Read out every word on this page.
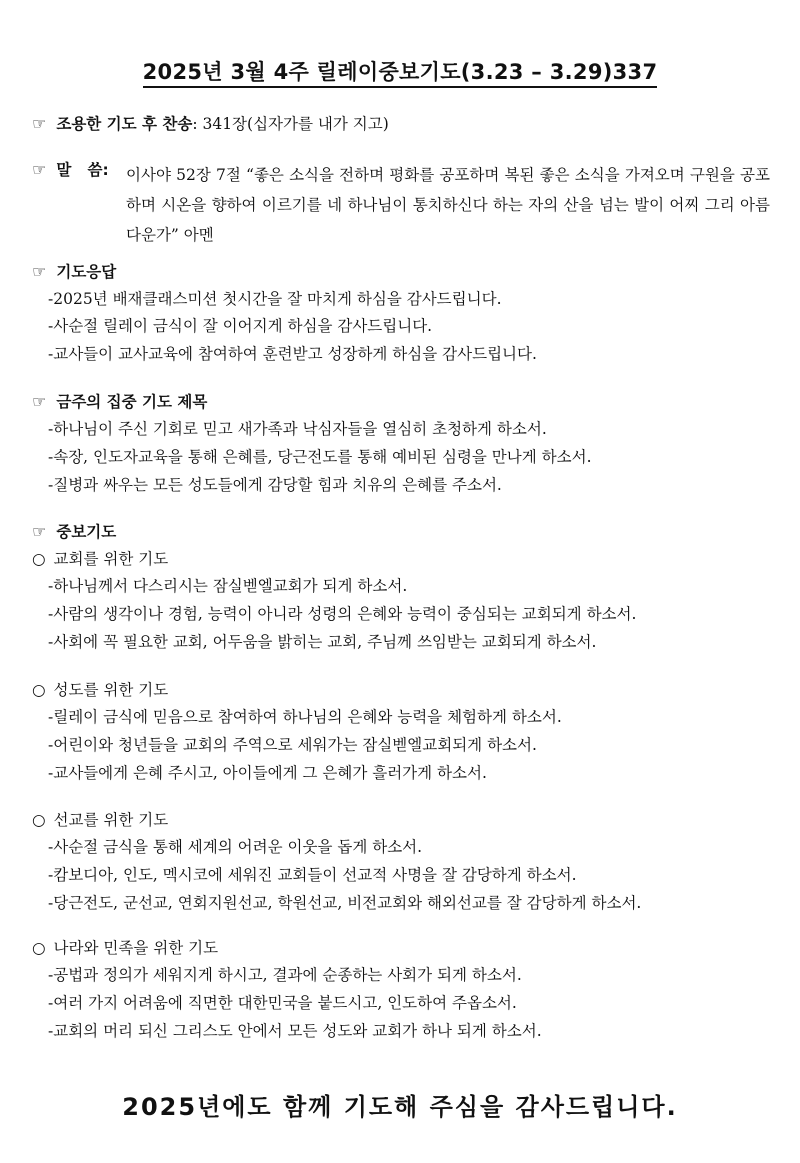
2025년 3월 4주 릴레이중보기도(3.23 – 3.29)337
☞ 조용한 기도 후 찬송: 341장(십자가를 내가 지고)
☞ 말   씀: 이사야 52장 7절 “좋은 소식을 전하며 평화를 공포하며 복된 좋은 소식을 가져오며 구원을 공포하며 시온을 향하여 이르기를 네 하나님이 통치하신다 하는 자의 산을 넘는 발이 어찌 그리 아름다운가” 아멘
☞ 기도응답
-2025년 배재클래스미션 첫시간을 잘 마치게 하심을 감사드립니다.
-사순절 릴레이 금식이 잘 이어지게 하심을 감사드립니다.
-교사들이 교사교육에 참여하여 훈련받고 성장하게 하심을 감사드립니다.
☞ 금주의 집중 기도 제목
-하나님이 주신 기회로 믿고 새가족과 낙심자들을 열심히 초청하게 하소서.
-속장, 인도자교육을 통해 은혜를, 당근전도를 통해 예비된 심령을 만나게 하소서.
-질병과 싸우는 모든 성도들에게 감당할 힘과 치유의 은혜를 주소서.
☞ 중보기도
○ 교회를 위한 기도
-하나님께서 다스리시는 잠실벧엘교회가 되게 하소서.
-사람의 생각이나 경험, 능력이 아니라 성령의 은혜와 능력이 중심되는 교회되게 하소서.
-사회에 꼭 필요한 교회, 어두움을 밝히는 교회, 주님께 쓰임받는 교회되게 하소서.
○ 성도를 위한 기도
-릴레이 금식에 믿음으로 참여하여 하나님의 은혜와 능력을 체험하게 하소서.
-어린이와 청년들을 교회의 주역으로 세워가는 잠실벧엘교회되게 하소서.
-교사들에게 은혜 주시고, 아이들에게 그 은혜가 흘러가게 하소서.
○ 선교를 위한 기도
-사순절 금식을 통해 세계의 어려운 이웃을 돕게 하소서.
-캄보디아, 인도, 멕시코에 세워진 교회들이 선교적 사명을 잘 감당하게 하소서.
-당근전도, 군선교, 연회지원선교, 학원선교, 비전교회와 해외선교를 잘 감당하게 하소서.
○ 나라와 민족을 위한 기도
-공법과 정의가 세워지게 하시고, 결과에 순종하는 사회가 되게 하소서.
-여러 가지 어려움에 직면한 대한민국을 붙드시고, 인도하여 주옵소서.
-교회의 머리 되신 그리스도 안에서 모든 성도와 교회가 하나 되게 하소서.
2025년에도 함께 기도해 주심을 감사드립니다.
